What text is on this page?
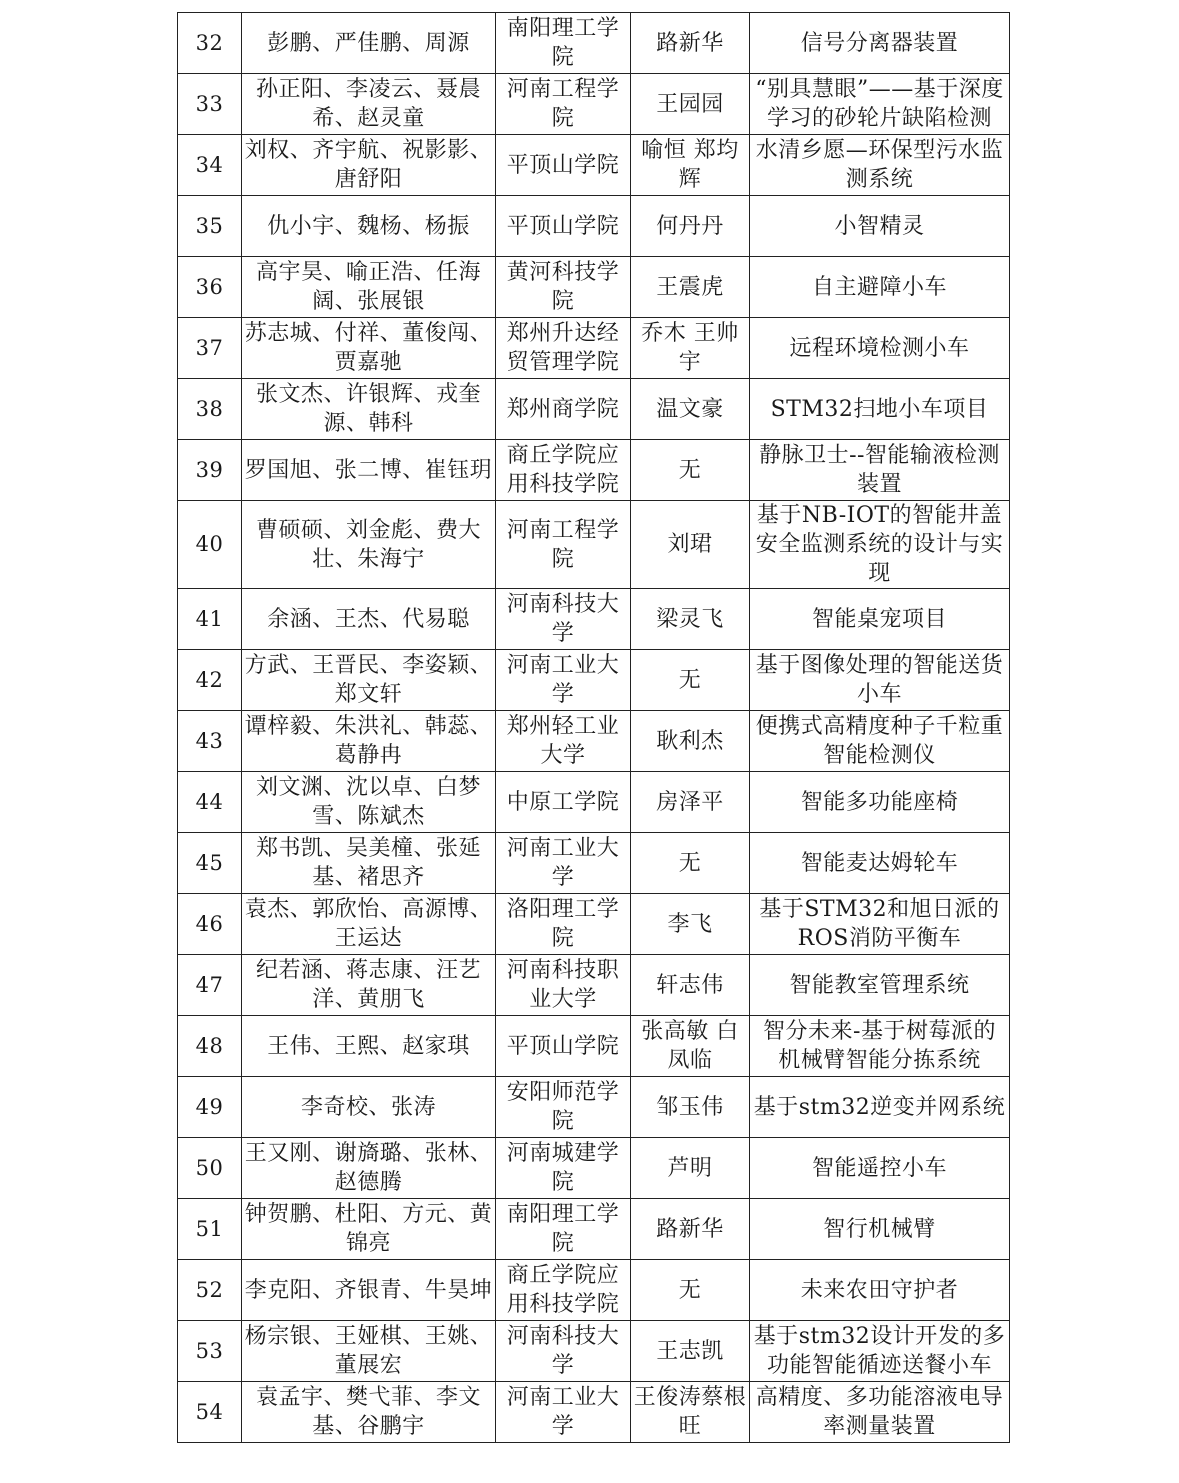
32	彭鹏、严佳鹏、周源	南阳理工学院	路新华	信号分离器装置
33	孙正阳、李凌云、聂晨希、赵灵童	河南工程学院	王园园	“别具慧眼”——基于深度学习的砂轮片缺陷检测
34	刘权、齐宇航、祝影影、唐舒阳	平顶山学院	喻恒 郑均辉	水清乡愿—环保型污水监测系统
35	仇小宇、魏杨、杨振	平顶山学院	何丹丹	小智精灵
36	高宇昊、喻正浩、任海阔、张展银	黄河科技学院	王震虎	自主避障小车
37	苏志城、付祥、董俊闯、贾嘉驰	郑州升达经贸管理学院	乔木 王帅宇	远程环境检测小车
38	张文杰、许银辉、戎奎源、韩科	郑州商学院	温文豪	STM32扫地小车项目
39	罗国旭、张二博、崔钰玥	商丘学院应用科技学院	无	静脉卫士--智能输液检测装置
40	曹硕硕、刘金彪、费大壮、朱海宁	河南工程学院	刘珺	基于NB-IOT的智能井盖安全监测系统的设计与实现
41	余涵、王杰、代易聪	河南科技大学	梁灵飞	智能桌宠项目
42	方武、王晋民、李姿颖、郑文轩	河南工业大学	无	基于图像处理的智能送货小车
43	谭梓毅、朱洪礼、韩蕊、葛静冉	郑州轻工业大学	耿利杰	便携式高精度种子千粒重智能检测仪
44	刘文渊、沈以卓、白梦雪、陈斌杰	中原工学院	房泽平	智能多功能座椅
45	郑书凯、吴美橦、张延基、褚思齐	河南工业大学	无	智能麦达姆轮车
46	袁杰、郭欣怡、高源博、王运达	洛阳理工学院	李飞	基于STM32和旭日派的ROS消防平衡车
47	纪若涵、蒋志康、汪艺洋、黄朋飞	河南科技职业大学	轩志伟	智能教室管理系统
48	王伟、王熙、赵家琪	平顶山学院	张高敏 白凤临	智分未来-基于树莓派的机械臂智能分拣系统
49	李奇校、张涛	安阳师范学院	邹玉伟	基于stm32逆变并网系统
50	王又刚、谢旖璐、张林、赵德腾	河南城建学院	芦明	智能遥控小车
51	钟贺鹏、杜阳、方元、黄锦亮	南阳理工学院	路新华	智行机械臂
52	李克阳、齐银青、牛昊坤	商丘学院应用科技学院	无	未来农田守护者
53	杨宗银、王娅棋、王姚、董展宏	河南科技大学	王志凯	基于stm32设计开发的多功能智能循迹送餐小车
54	袁孟宇、樊弋菲、李文基、谷鹏宇	河南工业大学	王俊涛蔡根旺	高精度、多功能溶液电导率测量装置
